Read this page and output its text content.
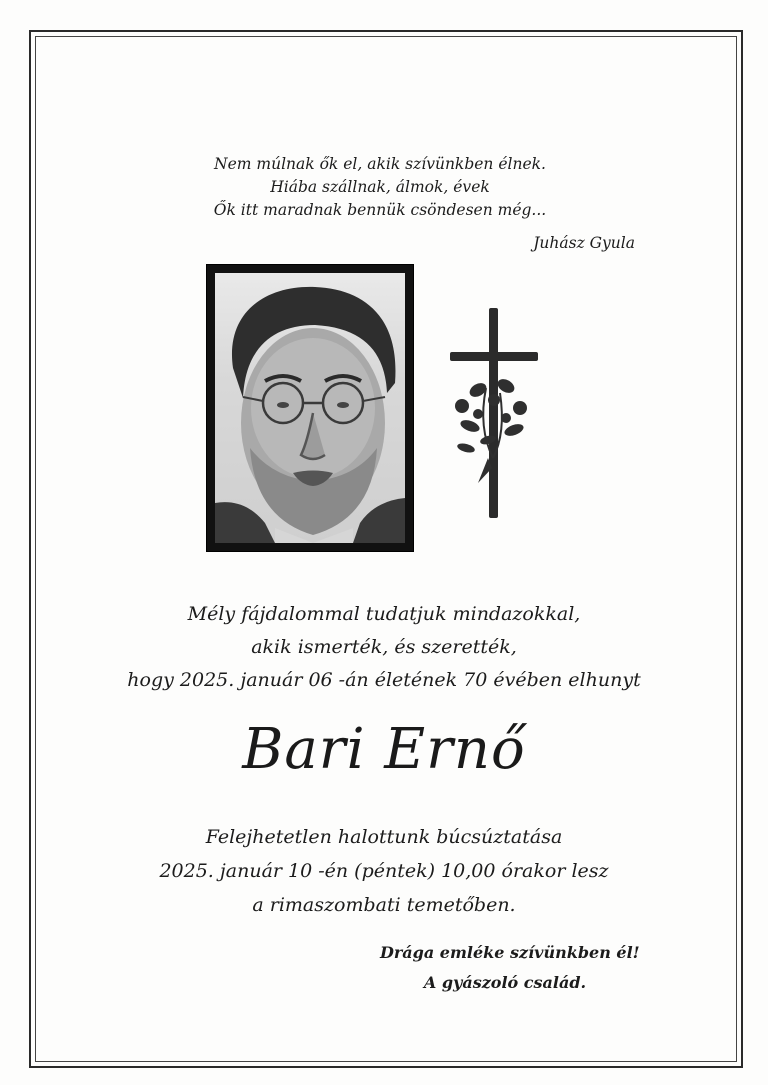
Nem múlnak ők el, akik szívünkben élnek.
Hiába szállnak, álmok, évek
Ők itt maradnak bennük csöndesen még...
Juhász Gyula
Mély fájdalommal tudatjuk mindazokkal,
akik ismerték, és szerették,
hogy 2025. január 06 -án életének 70 évében elhunyt
Bari Ernő
Felejhetetlen halottunk búcsúztatása
2025. január 10 -én (péntek) 10,00 órakor lesz
a rimaszombati temetőben.
Drága emléke szívünkben él!
A gyászoló család.
